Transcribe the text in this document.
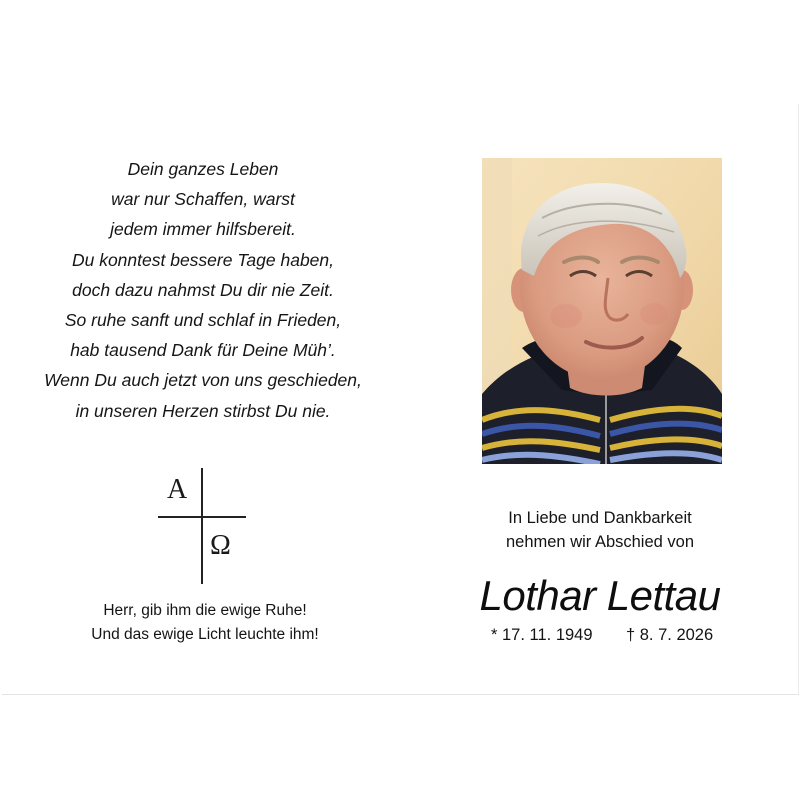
Dein ganzes Leben
war nur Schaffen, warst
jedem immer hilfsbereit.
Du konntest bessere Tage haben,
doch dazu nahmst Du dir nie Zeit.
So ruhe sanft und schlaf in Frieden,
hab tausend Dank für Deine Müh’.
Wenn Du auch jetzt von uns geschieden,
in unseren Herzen stirbst Du nie.
A
Ω
Herr, gib ihm die ewige Ruhe!
Und das ewige Licht leuchte ihm!
In Liebe und Dankbarkeit
nehmen wir Abschied von
Lothar Lettau
* 17. 11. 1949 † 8. 7. 2026
